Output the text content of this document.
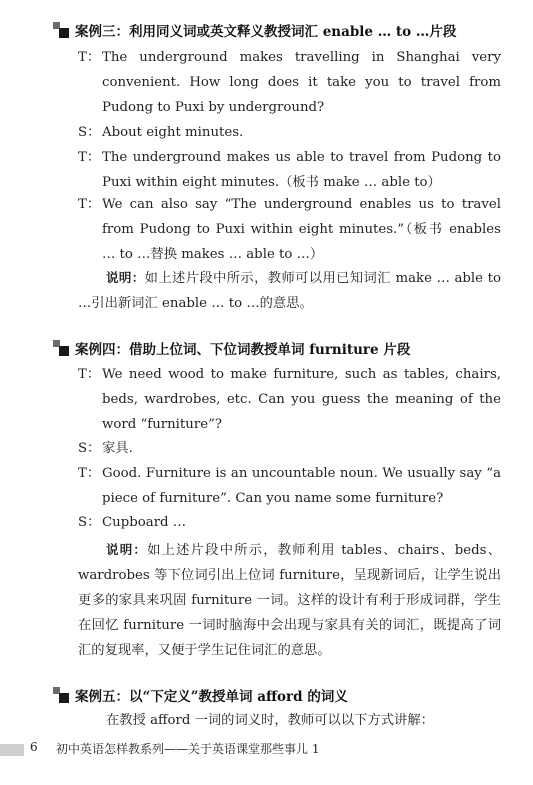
案例三：利用同义词或英文释义教授词汇 enable … to …片段
T： The underground makes travelling in Shanghai very convenient. How long does it take you to travel from Pudong to Puxi by underground?
S： About eight minutes.
T： The underground makes us able to travel from Pudong to Puxi within eight minutes.（板书 make … able to）
T： We can also say “The underground enables us to travel from Pudong to Puxi within eight minutes.”（板书 enables … to …替换 makes … able to …）
说明：如上述片段中所示，教师可以用已知词汇 make … able to …引出新词汇 enable … to …的意思。
案例四：借助上位词、下位词教授单词 furniture 片段
T： We need wood to make furniture, such as tables, chairs, beds, wardrobes, etc. Can you guess the meaning of the word “furniture”?
S： 家具.
T： Good. Furniture is an uncountable noun. We usually say “a piece of furniture”. Can you name some furniture?
S： Cupboard …
说明：如上述片段中所示，教师利用 tables、chairs、beds、wardrobes 等下位词引出上位词 furniture，呈现新词后，让学生说出更多的家具来巩固 furniture 一词。这样的设计有利于形成词群，学生在回忆 furniture 一词时脑海中会出现与家具有关的词汇，既提高了词汇的复现率，又便于学生记住词汇的意思。
案例五：以“下定义”教授单词 afford 的词义
在教授 afford 一词的词义时，教师可以以下方式讲解：
6 初中英语怎样教系列——关于英语课堂那些事儿 1
